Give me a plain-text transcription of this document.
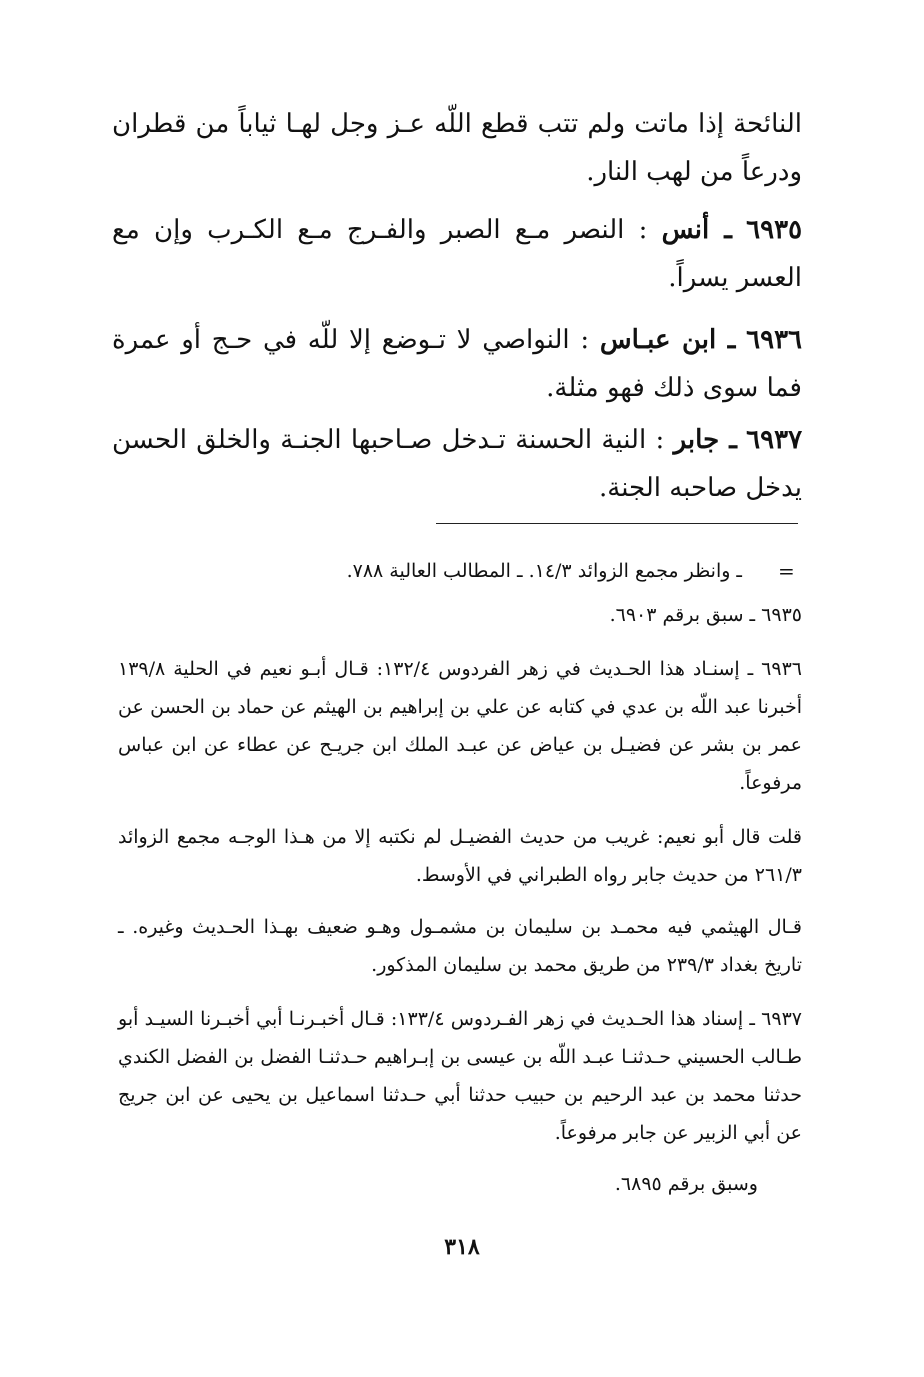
النائحة إذا ماتت ولم تتب قطع اللّه عـز وجل لهـا ثياباً من قطران ودرعاً من لهب النار.
٦٩٣٥ ـ أنس : النصر مـع الصبر والفـرج مـع الكـرب وإن مع العسر يسراً.
٦٩٣٦ ـ ابن عبـاس : النواصي لا تـوضع إلا للّه في حـج أو عمرة فما سوى ذلك فهو مثلة.
٦٩٣٧ ـ جابر : النية الحسنة تـدخل صـاحبها الجنـة والخلق الحسن يدخل صاحبه الجنة.
=
ـ وانظر مجمع الزوائد ١٤/٣. ـ المطالب العالية ٧٨٨.
٦٩٣٥ ـ سبق برقم ٦٩٠٣.
٦٩٣٦ ـ إسنـاد هذا الحـديث في زهر الفردوس ١٣٢/٤: قـال أبـو نعيم في الحلية ١٣٩/٨ أخبرنا عبد اللّه بن عدي في كتابه عن علي بن إبراهيم بن الهيثم عن حماد بن الحسن عن عمر بن بشر عن فضيـل بن عياض عن عبـد الملك ابن جريـح عن عطاء عن ابن عباس مرفوعاً.
قلت قال أبو نعيم: غريب من حديث الفضيـل لم نكتبه إلا من هـذا الوجـه مجمع الزوائد ٢٦١/٣ من حديث جابر رواه الطبراني في الأوسط.
قـال الهيثمي فيه محمـد بن سليمان بن مشمـول وهـو ضعيف بهـذا الحـديث وغيره. ـ تاريخ بغداد ٢٣٩/٣ من طريق محمد بن سليمان المذكور.
٦٩٣٧ ـ إسناد هذا الحـديث في زهر الفـردوس ١٣٣/٤: قـال أخبـرنـا أبي أخبـرنا السيـد أبو طـالب الحسيني حـدثنـا عبـد اللّه بن عيسى بن إبـراهيم حـدثنـا الفضل بن الفضل الكندي حدثنا محمد بن عبد الرحيم بن حبيب حدثنا أبي حـدثنا اسماعيل بن يحيى عن ابن جريج عن أبي الزبير عن جابر مرفوعاً.
وسبق برقم ٦٨٩٥.
٣١٨
